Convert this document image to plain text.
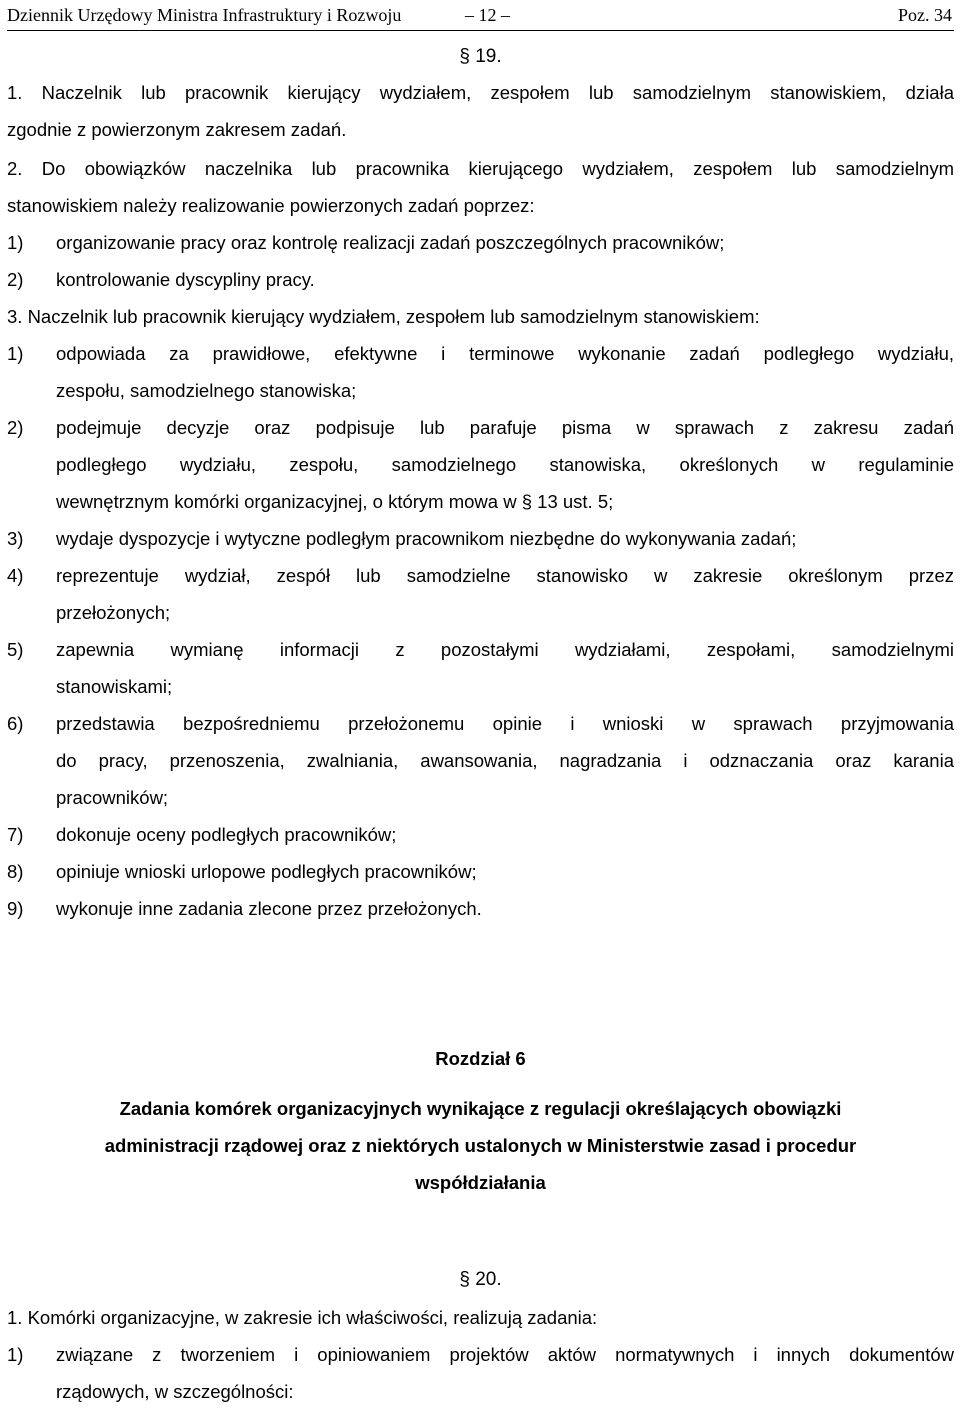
Dziennik Urzędowy Ministra Infrastruktury i Rozwoju	– 12 –	Poz. 34
§ 19.
1. Naczelnik lub pracownik kierujący wydziałem, zespołem lub samodzielnym stanowiskiem, działa
zgodnie z powierzonym zakresem zadań.
2. Do obowiązków naczelnika lub pracownika kierującego wydziałem, zespołem lub samodzielnym
stanowiskiem należy realizowanie powierzonych zadań poprzez:
1)	organizowanie pracy oraz kontrolę realizacji zadań poszczególnych pracowników;
2)	kontrolowanie dyscypliny pracy.
3. Naczelnik lub pracownik kierujący wydziałem, zespołem lub samodzielnym stanowiskiem:
1)	odpowiada za prawidłowe, efektywne i terminowe wykonanie zadań podległego wydziału,
zespołu, samodzielnego stanowiska;
2)	podejmuje decyzje oraz podpisuje lub parafuje pisma w sprawach z zakresu zadań
podległego wydziału, zespołu, samodzielnego stanowiska, określonych w regulaminie
wewnętrznym komórki organizacyjnej, o którym mowa w § 13 ust. 5;
3)	wydaje dyspozycje i wytyczne podległym pracownikom niezbędne do wykonywania zadań;
4)	reprezentuje wydział, zespół lub samodzielne stanowisko w zakresie określonym przez
przełożonych;
5)	zapewnia wymianę informacji z pozostałymi wydziałami, zespołami, samodzielnymi
stanowiskami;
6)	przedstawia bezpośredniemu przełożonemu opinie i wnioski w sprawach przyjmowania
do pracy, przenoszenia, zwalniania, awansowania, nagradzania i odznaczania oraz karania
pracowników;
7)	dokonuje oceny podległych pracowników;
8)	opiniuje wnioski urlopowe podległych pracowników;
9)	wykonuje inne zadania zlecone przez przełożonych.
Rozdział 6
Zadania komórek organizacyjnych wynikające z regulacji określających obowiązki
administracji rządowej oraz z niektórych ustalonych w Ministerstwie zasad i procedur
współdziałania
§ 20.
1. Komórki organizacyjne, w zakresie ich właściwości, realizują zadania:
1)	związane z tworzeniem i opiniowaniem projektów aktów normatywnych i innych dokumentów
rządowych, w szczególności:
